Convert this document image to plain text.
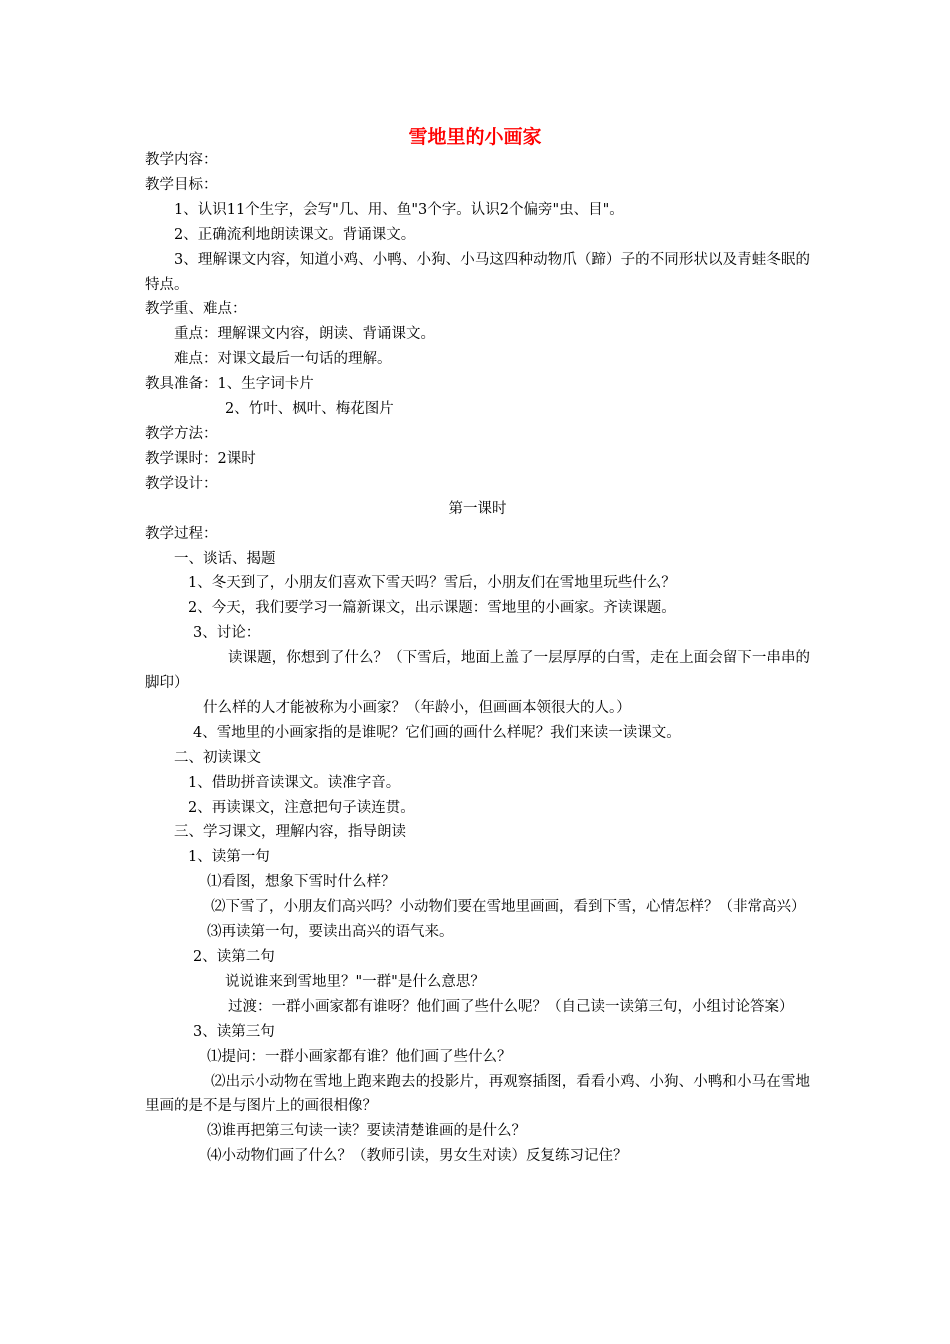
雪地里的小画家

教学内容：

教学目标：

1、认识11个生字，会写"几、用、鱼"3个字。认识2个偏旁"虫、目"。

2、正确流利地朗读课文。背诵课文。

3、理解课文内容，知道小鸡、小鸭、小狗、小马这四种动物爪（蹄）子的不同形状以及青蛙冬眠的特点。

教学重、难点：

重点：理解课文内容，朗读、背诵课文。

难点：对课文最后一句话的理解。

教具准备：1、生字词卡片

2、竹叶、枫叶、梅花图片

教学方法：

教学课时：2课时

教学设计：

第一课时

教学过程：

一、谈话、揭题

1、冬天到了，小朋友们喜欢下雪天吗？雪后，小朋友们在雪地里玩些什么？

2、今天，我们要学习一篇新课文，出示课题：雪地里的小画家。齐读课题。

3、讨论：

读课题，你想到了什么？（下雪后，地面上盖了一层厚厚的白雪，走在上面会留下一串串的脚印）

什么样的人才能被称为小画家？（年龄小，但画画本领很大的人。）

4、雪地里的小画家指的是谁呢？它们画的画什么样呢？我们来读一读课文。

二、初读课文

1、借助拼音读课文。读准字音。

2、再读课文，注意把句子读连贯。

三、学习课文，理解内容，指导朗读

1、读第一句

⑴看图，想象下雪时什么样？

⑵下雪了，小朋友们高兴吗？小动物们要在雪地里画画，看到下雪，心情怎样？（非常高兴）

⑶再读第一句，要读出高兴的语气来。

2、读第二句

说说谁来到雪地里？"一群"是什么意思？

过渡：一群小画家都有谁呀？他们画了些什么呢？（自己读一读第三句，小组讨论答案）

3、读第三句

⑴提问：一群小画家都有谁？他们画了些什么？

⑵出示小动物在雪地上跑来跑去的投影片，再观察插图，看看小鸡、小狗、小鸭和小马在雪地里画的是不是与图片上的画很相像？

⑶谁再把第三句读一读？要读清楚谁画的是什么？

⑷小动物们画了什么？（教师引读，男女生对读）反复练习记住？
